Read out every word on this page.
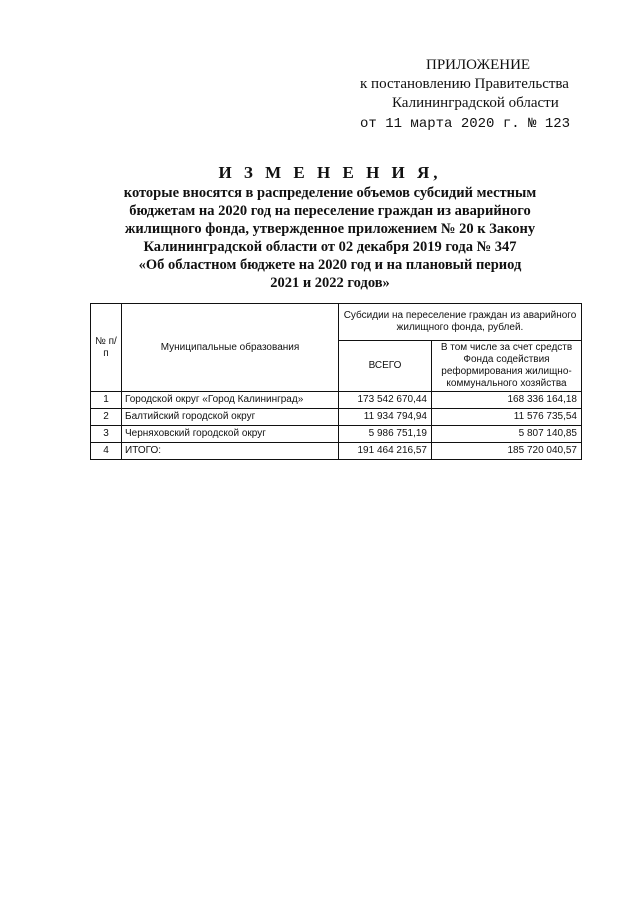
ПРИЛОЖЕНИЕ
к постановлению Правительства
Калининградской области
от 11 марта 2020 г. № 123
И З М Е Н Е Н И Я,
которые вносятся в распределение объемов субсидий местным
бюджетам на 2020 год на переселение граждан из аварийного
жилищного фонда, утвержденное приложением № 20 к Закону
Калининградской области от 02 декабря 2019 года № 347
«Об областном бюджете на 2020 год и на плановый период
2021 и 2022 годов»
№ п/п	Муниципальные образования	Субсидии на переселение граждан из аварийного жилищного фонда, рублей.	
		ВСЕГО	В том числе за счет средств Фонда содействия реформирования жилищно-коммунального хозяйства
1	Городской округ «Город Калининград»	173 542 670,44	168 336 164,18
2	Балтийский городской округ	11 934 794,94	11 576 735,54
3	Черняховский городской округ	5 986 751,19	5 807 140,85
4	ИТОГО:	191 464 216,57	185 720 040,57
